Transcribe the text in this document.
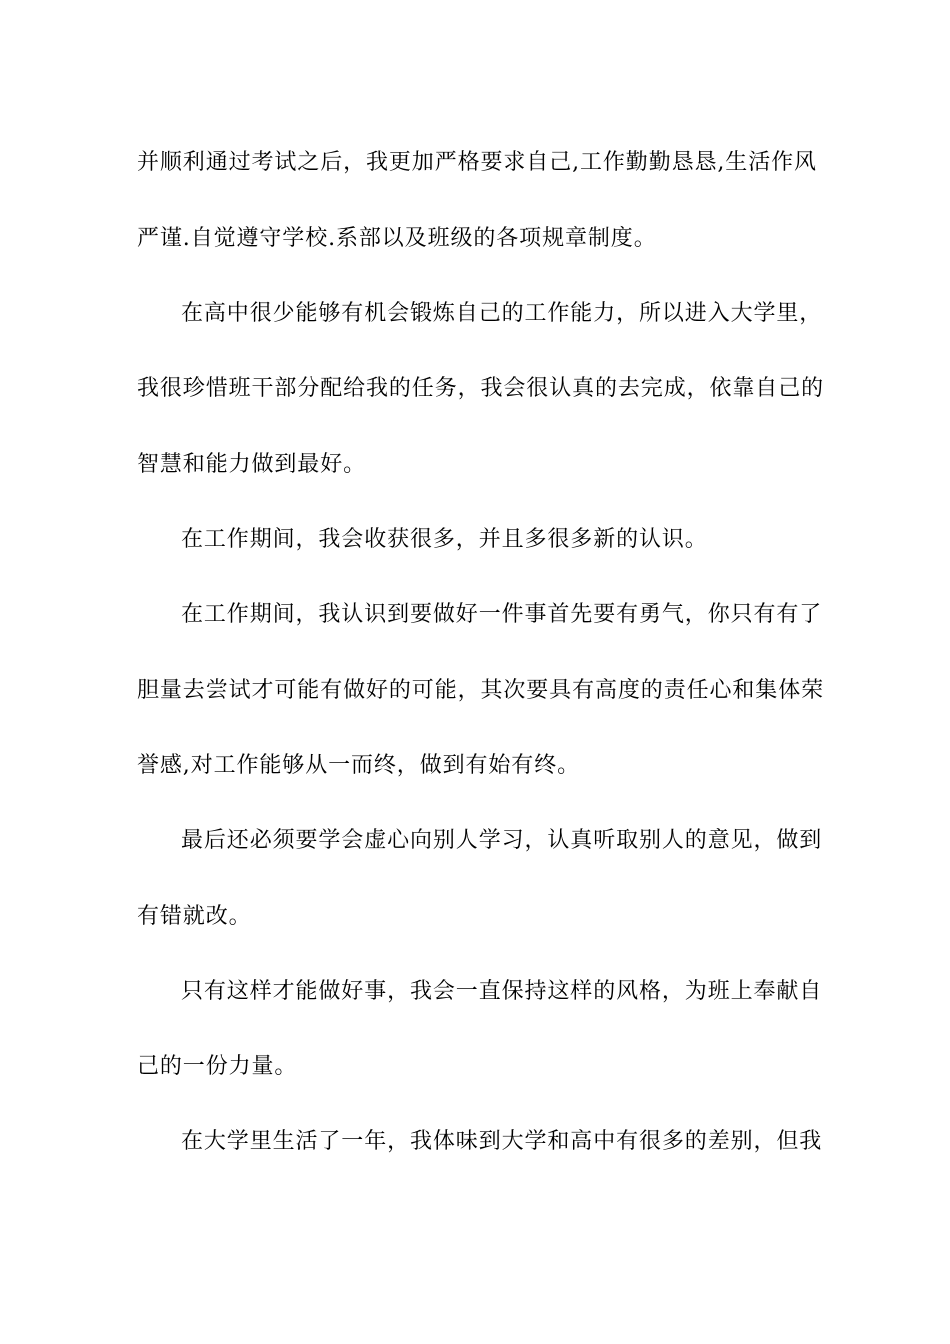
并顺利通过考试之后，我更加严格要求自己,工作勤勤恳恳,生活作风
严谨.自觉遵守学校.系部以及班级的各项规章制度。
在高中很少能够有机会锻炼自己的工作能力，所以进入大学里，
我很珍惜班干部分配给我的任务，我会很认真的去完成，依靠自己的
智慧和能力做到最好。
在工作期间，我会收获很多，并且多很多新的认识。
在工作期间，我认识到要做好一件事首先要有勇气，你只有有了
胆量去尝试才可能有做好的可能，其次要具有高度的责任心和集体荣
誉感,对工作能够从一而终，做到有始有终。
最后还必须要学会虚心向别人学习，认真听取别人的意见，做到
有错就改。
只有这样才能做好事，我会一直保持这样的风格，为班上奉献自
己的一份力量。
在大学里生活了一年，我体味到大学和高中有很多的差别，但我
